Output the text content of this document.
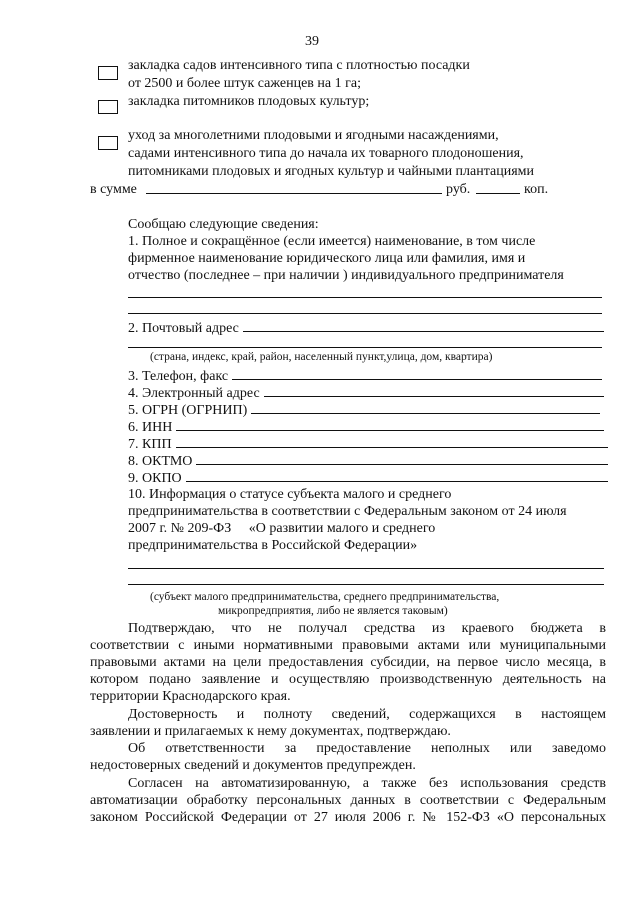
39
закладка садов интенсивного типа с плотностью посадки
от 2500 и более штук саженцев на 1 га;
закладка питомников плодовых культур;
уход за многолетними плодовыми и ягодными насаждениями,
садами интенсивного типа до начала их товарного плодоношения,
питомниками плодовых и ягодных культур и чайными плантациями
в сумме	руб.	коп.
Сообщаю следующие сведения:
1. Полное и сокращённое (если имеется) наименование, в том числе
фирменное наименование юридического лица или фамилия, имя и
отчество (последнее – при наличии ) индивидуального предпринимателя
2. Почтовый адрес
(страна, индекс, край, район, населенный пункт,улица, дом, квартира)
3. Телефон, факс
4. Электронный адрес
5. ОГРН (ОГРНИП)
6. ИНН
7. КПП
8. ОКТМО
9. ОКПО
10. Информация о статусе субъекта малого и среднего
предпринимательства в соответствии с Федеральным законом от 24 июля
2007 г. № 209-ФЗ     «О развитии малого и среднего
предпринимательства в Российской Федерации»
(субъект малого предпринимательства, среднего предпринимательства,
микропредприятия, либо не является таковым)
Подтверждаю, что не получал средства из краевого бюджета в
соответствии с иными нормативными правовыми актами или муниципальными
правовыми актами на цели предоставления субсидии, на первое число месяца, в
котором подано заявление и осуществляю производственную деятельность на
территории Краснодарского края.
Достоверность и полноту сведений, содержащихся в настоящем
заявлении и прилагаемых к нему документах, подтверждаю.
Об ответственности за предоставление неполных или заведомо
недостоверных сведений и документов предупрежден.
Согласен на автоматизированную, а также без использования средств
автоматизации обработку персональных данных в соответствии с Федеральным
законом Российской Федерации от 27 июля 2006 г. № 152-ФЗ «О персональных
